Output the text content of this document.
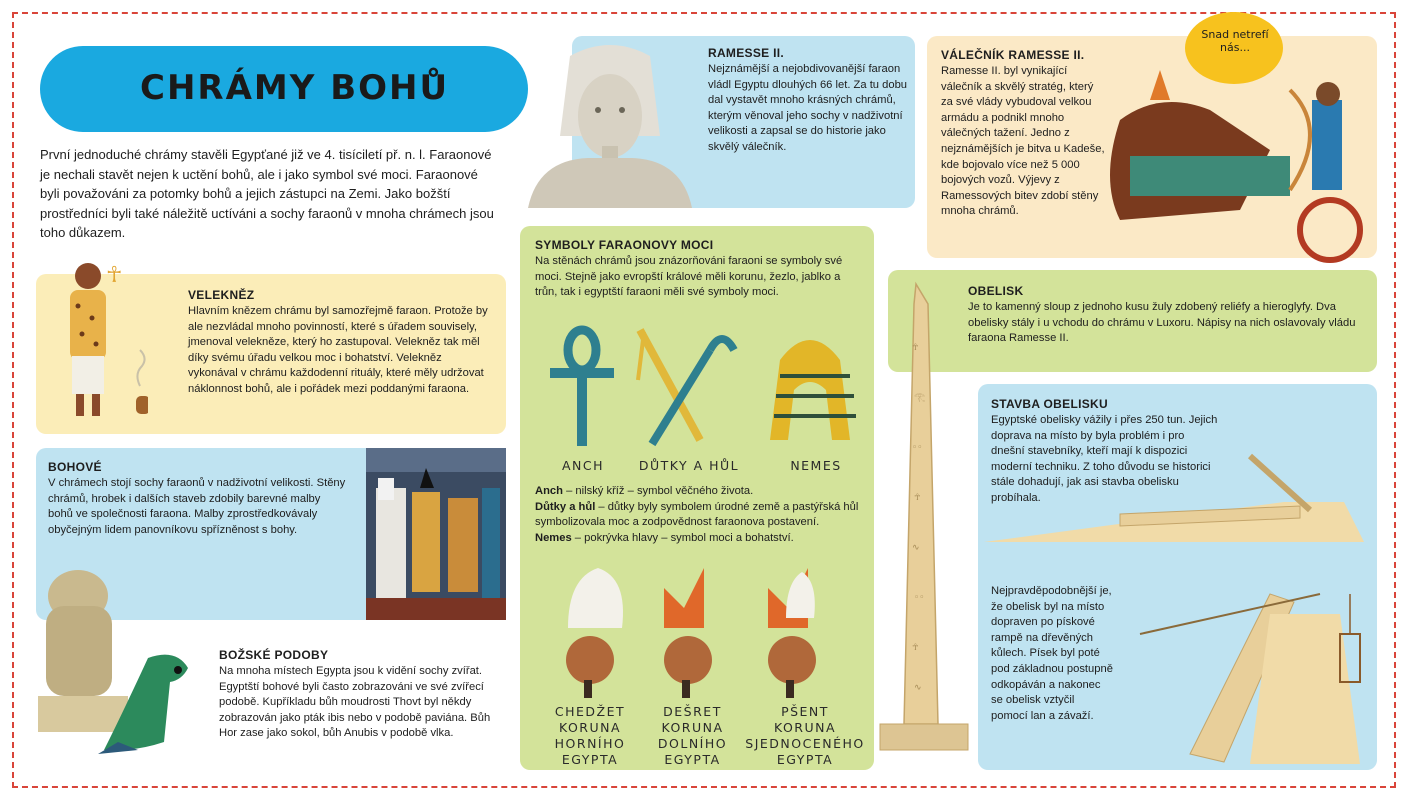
CHRÁMY BOHŮ
První jednoduché chrámy stavěli Egypťané již ve 4. tisíciletí př. n. l. Faraonové je nechali stavět nejen k uctění bohů, ale i jako symbol své moci. Faraonové byli považováni za potomky bohů a jejich zástupci na Zemi. Jako božští prostředníci byli také náležitě uctíváni a sochy faraonů v mnoha chrámech jsou toho důkazem.
☥
VELEKNĚZ
Hlavním knězem chrámu byl samozřejmě faraon. Protože by ale nezvládal mnoho povinností, které s úřadem souvisely, jmenoval velekněze, který ho zastupoval. Velekněz tak měl díky svému úřadu velkou moc i bohatství. Velekněz vykonával v chrámu každodenní rituály, které měly udržovat náklonnost bohů, ale i pořádek mezi poddanými faraona.
BOHOVÉ
V chrámech stojí sochy faraonů v nadživotní velikosti. Stěny chrámů, hrobek i dalších staveb zdobily barevné malby bohů ve společnosti faraona. Malby zprostředkovávaly obyčejným lidem panovníkovu spřízněnost s bohy.
BOŽSKÉ PODOBY
Na mnoha místech Egypta jsou k vidění sochy zvířat. Egyptští bohové byli často zobrazováni ve své zvířecí podobě. Kupříkladu bůh moudrosti Thovt byl někdy zobrazován jako pták ibis nebo v podobě paviána. Bůh Hor zase jako sokol, bůh Anubis v podobě vlka.
RAMESSE II.
Nejznámější a nejobdivovanější faraon vládl Egyptu dlouhých 66 let. Za tu dobu dal vystavět mnoho krásných chrámů, kterým věnoval jeho sochy v nadživotní velikosti a zapsal se do historie jako skvělý válečník.
VÁLEČNÍK RAMESSE II.
Ramesse II. byl vynikající válečník a skvělý stratég, který za své vlády vybudoval velkou armádu a podnikl mnoho válečných tažení. Jedno z nejznámějších je bitva u Kadeše, kde bojovalo více než 5 000 bojových vozů. Výjevy z Ramessových bitev zdobí stěny mnoha chrámů.
Snad netrefí nás...
SYMBOLY FARAONOVY MOCI
Na stěnách chrámů jsou znázorňováni faraoni se symboly své moci. Stejně jako evropští králové měli korunu, žezlo, jablko a trůn, tak i egyptští faraoni měli své symboly moci.
ANCH	DŮTKY A HŮL	NEMES
Anch – nilský kříž – symbol věčného života.
Důtky a hůl – důtky byly symbolem úrodné země a pastýřská hůl symbolizovala moc a zodpovědnost faraonova postavení.
Nemes – pokrývka hlavy – symbol moci a bohatství.
CHEDŽET
KORUNA
HORNÍHO
EGYPTA
DEŠRET
KORUNA
DOLNÍHO
EGYPTA
PŠENT
KORUNA
SJEDNOCENÉHO
EGYPTA
OBELISK
Je to kamenný sloup z jednoho kusu žuly zdobený reliéfy a hieroglyfy. Dva obelisky stály i u vchodu do chrámu v Luxoru. Nápisy na nich oslavovaly vládu faraona Ramesse II.
☥
𓂀
◦◦
☥
∿
◦◦
☥
∿
STAVBA OBELISKU
Egyptské obelisky vážily i přes 250 tun. Jejich doprava na místo by byla problém i pro dnešní stavebníky, kteří mají k dispozici moderní techniku. Z toho důvodu se historici stále dohadují, jak asi stavba obelisku probíhala.
Nejpravděpodobnější je, že obelisk byl na místo dopraven po pískové rampě na dřevěných kůlech. Písek byl poté pod základnou postupně odkopáván a nakonec se obelisk vztyčil pomocí lan a závaží.
